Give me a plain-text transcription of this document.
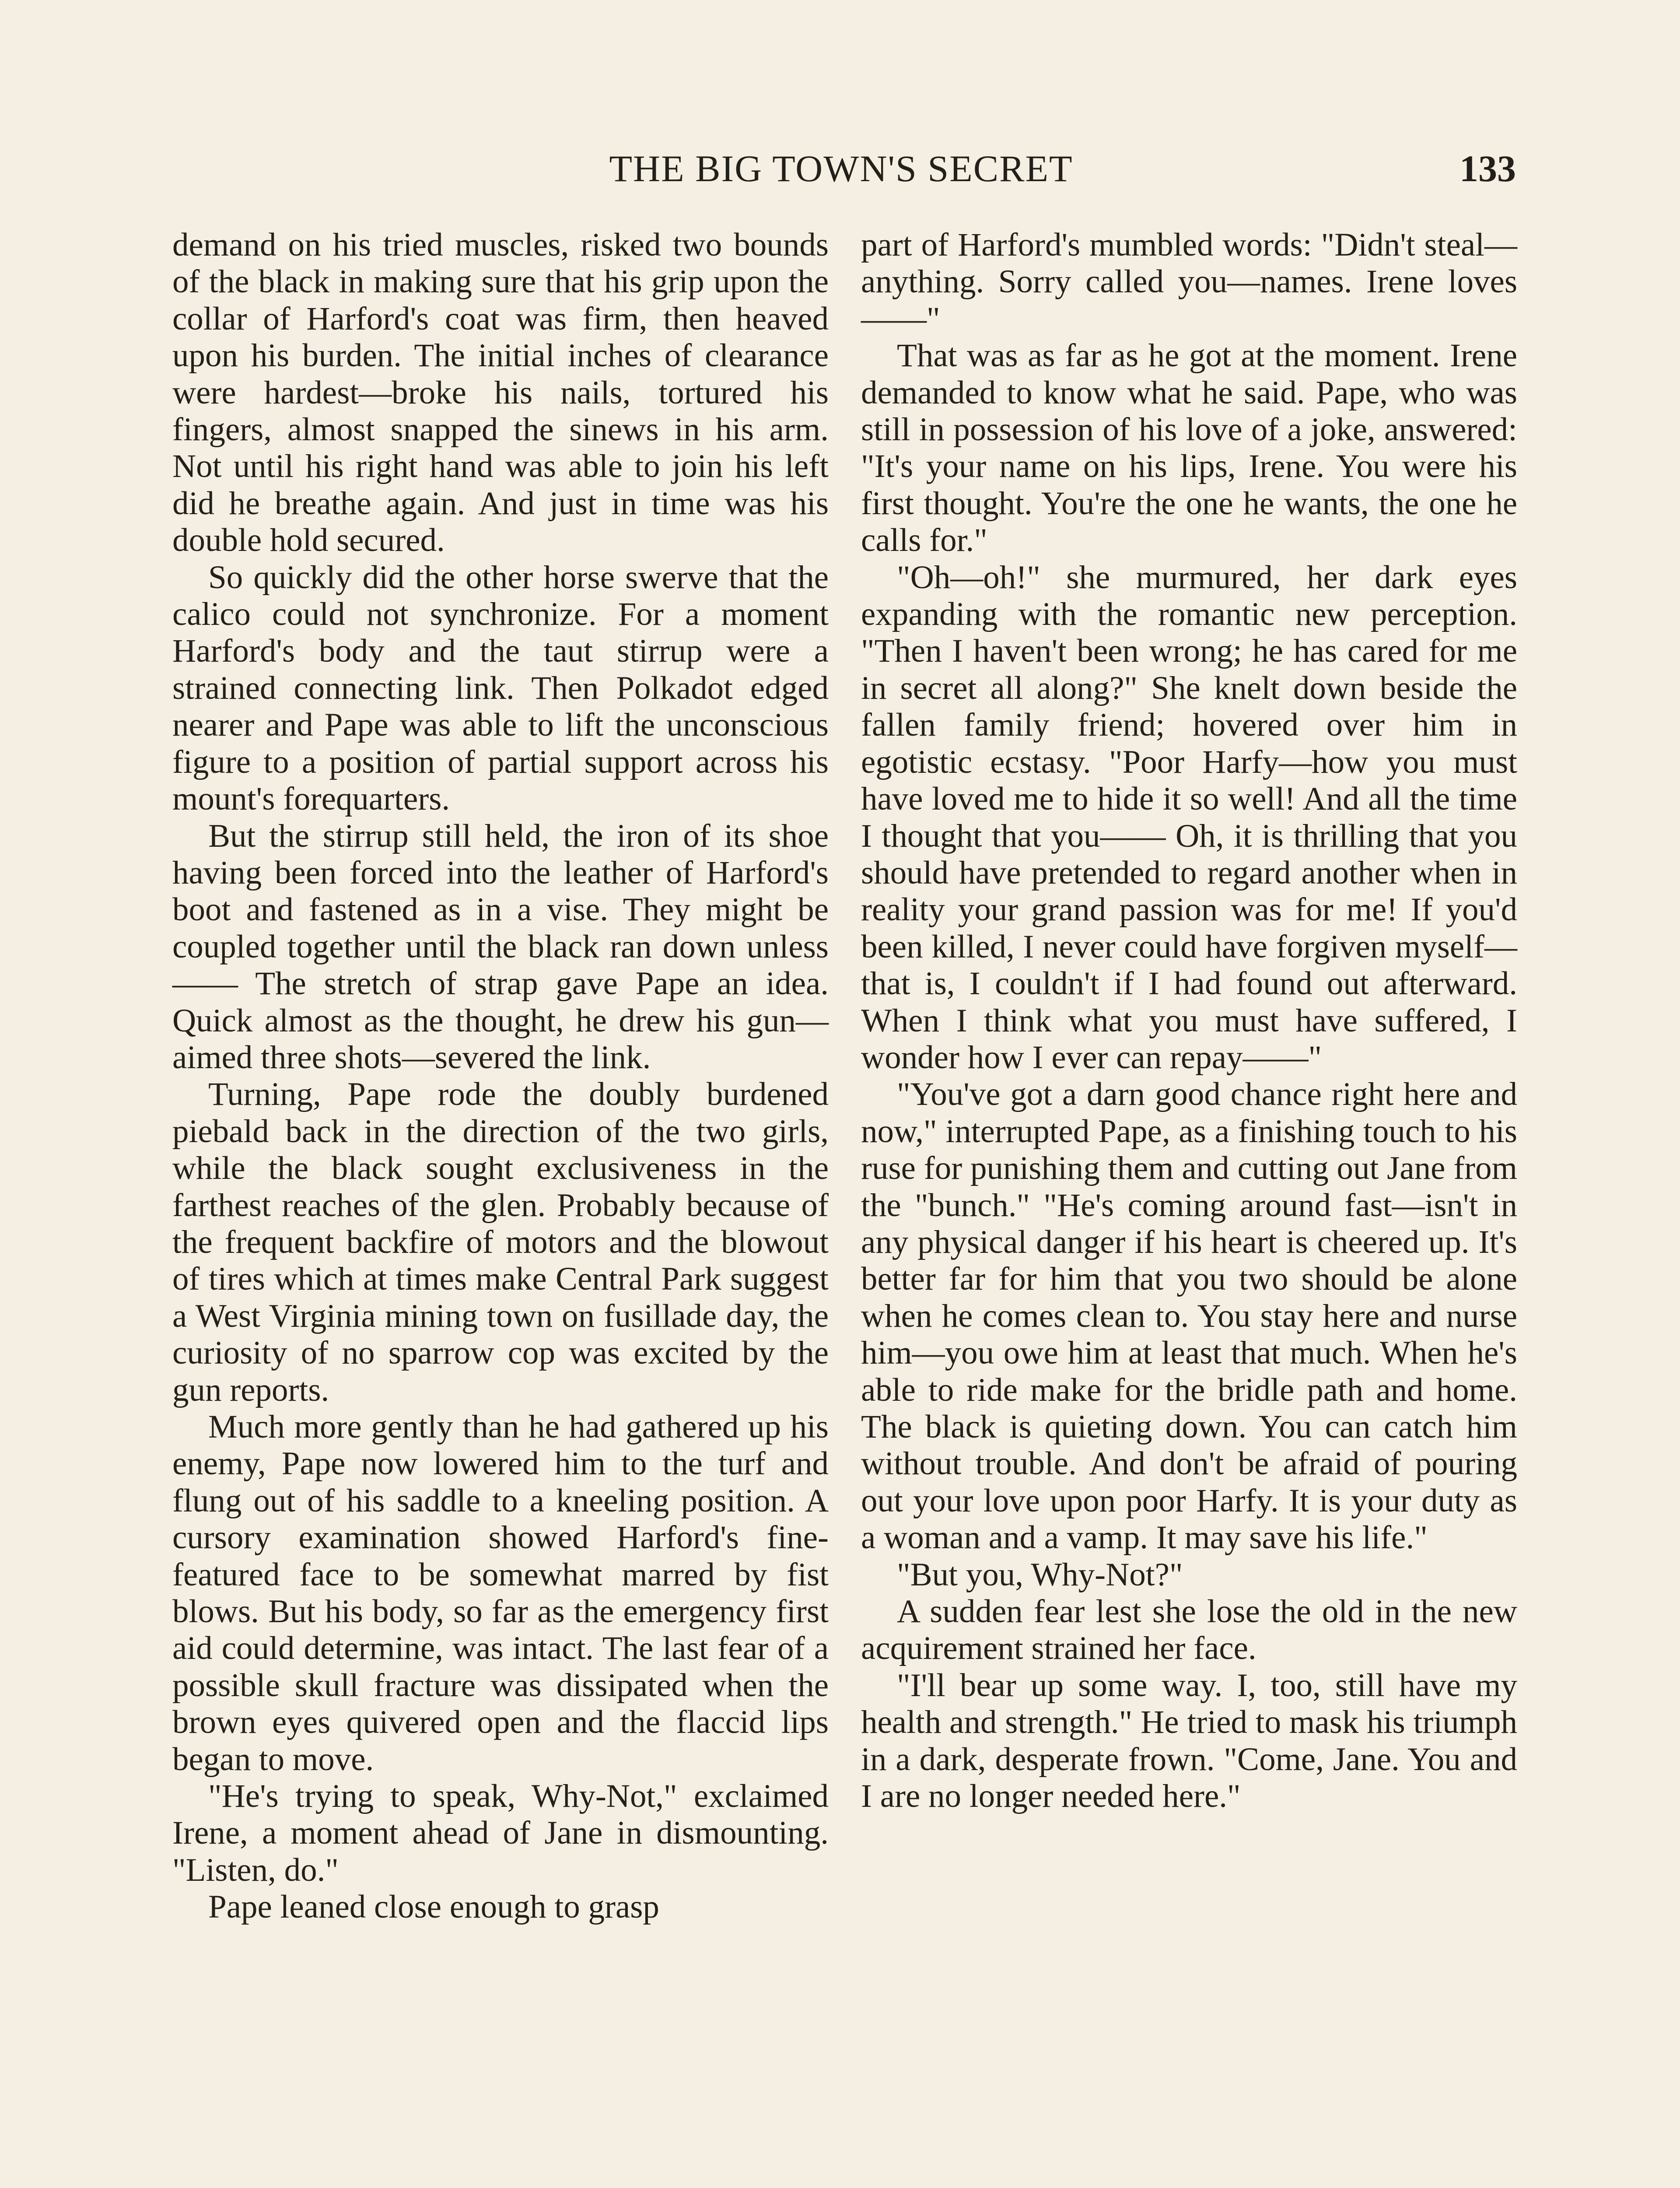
THE BIG TOWN'S SECRET	133

demand on his tried muscles, risked two bounds of the black in making sure that his grip upon the collar of Harford's coat was firm, then heaved upon his burden. The initial inches of clearance were hardest—broke his nails, tortured his fingers, almost snapped the sinews in his arm. Not until his right hand was able to join his left did he breathe again. And just in time was his double hold secured.

So quickly did the other horse swerve that the calico could not synchronize. For a moment Harford's body and the taut stirrup were a strained connecting link. Then Polkadot edged nearer and Pape was able to lift the unconscious figure to a position of partial support across his mount's forequarters.

But the stirrup still held, the iron of its shoe having been forced into the leather of Harford's boot and fastened as in a vise. They might be coupled together until the black ran down unless—— The stretch of strap gave Pape an idea. Quick almost as the thought, he drew his gun—aimed three shots—severed the link.

Turning, Pape rode the doubly burdened piebald back in the direction of the two girls, while the black sought exclusiveness in the farthest reaches of the glen. Probably because of the frequent backfire of motors and the blowout of tires which at times make Central Park suggest a West Virginia mining town on fusillade day, the curiosity of no sparrow cop was excited by the gun reports.

Much more gently than he had gathered up his enemy, Pape now lowered him to the turf and flung out of his saddle to a kneeling position. A cursory examination showed Harford's fine-featured face to be somewhat marred by fist blows. But his body, so far as the emergency first aid could determine, was intact. The last fear of a possible skull fracture was dissipated when the brown eyes quivered open and the flaccid lips began to move.

"He's trying to speak, Why-Not," exclaimed Irene, a moment ahead of Jane in dismounting. "Listen, do."

Pape leaned close enough to grasp

part of Harford's mumbled words: "Didn't steal—anything. Sorry called you—names. Irene loves——"

That was as far as he got at the moment. Irene demanded to know what he said. Pape, who was still in possession of his love of a joke, answered: "It's your name on his lips, Irene. You were his first thought. You're the one he wants, the one he calls for."

"Oh—oh!" she murmured, her dark eyes expanding with the romantic new perception. "Then I haven't been wrong; he has cared for me in secret all along?" She knelt down beside the fallen family friend; hovered over him in egotistic ecstasy. "Poor Harfy—how you must have loved me to hide it so well! And all the time I thought that you—— Oh, it is thrilling that you should have pretended to regard another when in reality your grand passion was for me! If you'd been killed, I never could have forgiven myself—that is, I couldn't if I had found out afterward. When I think what you must have suffered, I wonder how I ever can repay——"

"You've got a darn good chance right here and now," interrupted Pape, as a finishing touch to his ruse for punishing them and cutting out Jane from the "bunch." "He's coming around fast—isn't in any physical danger if his heart is cheered up. It's better far for him that you two should be alone when he comes clean to. You stay here and nurse him—you owe him at least that much. When he's able to ride make for the bridle path and home. The black is quieting down. You can catch him without trouble. And don't be afraid of pouring out your love upon poor Harfy. It is your duty as a woman and a vamp. It may save his life."

"But you, Why-Not?"

A sudden fear lest she lose the old in the new acquirement strained her face.

"I'll bear up some way. I, too, still have my health and strength." He tried to mask his triumph in a dark, desperate frown. "Come, Jane. You and I are no longer needed here."
